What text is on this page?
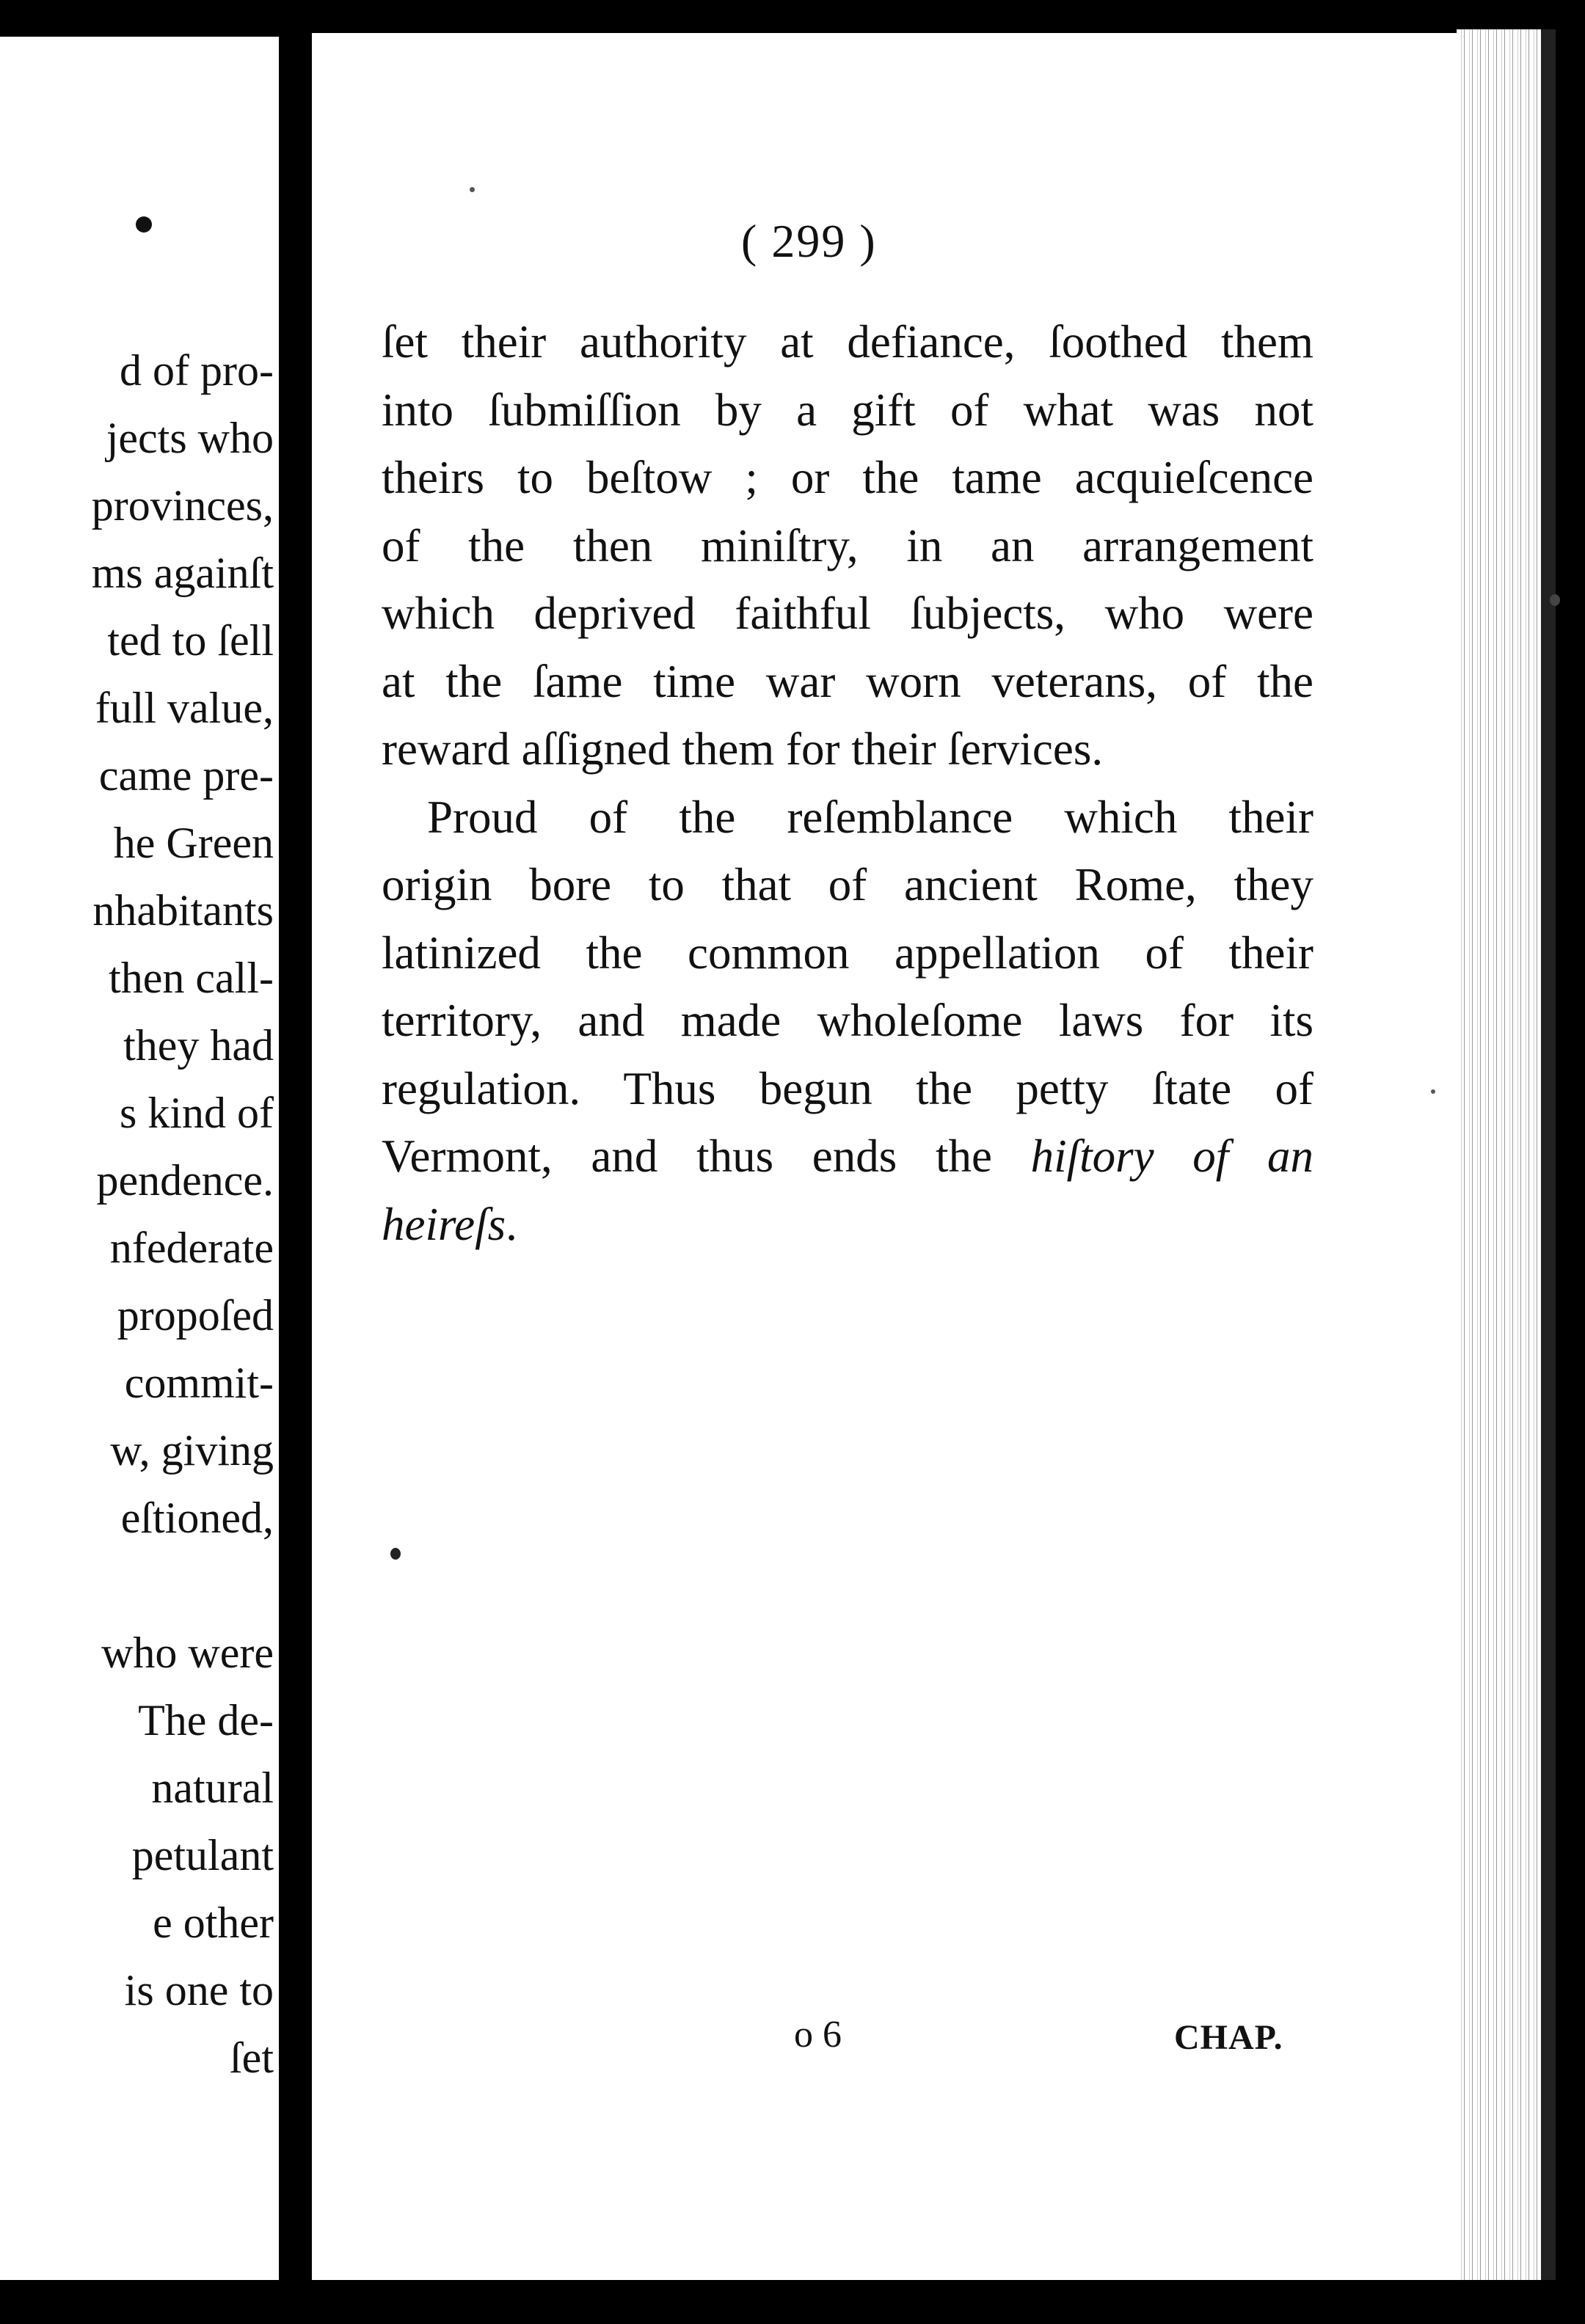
d of pro-
jects who
provinces,
ms againſt
ted to ſell
full value,
came pre-
he Green
nhabitants
then call-
they had
s kind of
pendence.
nfederate
propoſed
commit-
w, giving
eſtioned,
who were
The de-
natural
petulant
e other
is one to
ſet
( 299 )
ſet their authority at defiance, ſoothed them
into ſubmiſſion by a gift of what was not
theirs to beſtow ; or the tame acquieſcence
of the then miniſtry, in an arrangement
which deprived faithful ſubjects, who were
at the ſame time war worn veterans, of the
reward aſſigned them for their ſervices.
Proud of the reſemblance which their
origin bore to that of ancient Rome, they
latinized the common appellation of their
territory, and made wholeſome laws for its
regulation. Thus begun the petty ſtate of
Vermont, and thus ends the hiſtory of an
heireſs.
o 6	CHAP.
